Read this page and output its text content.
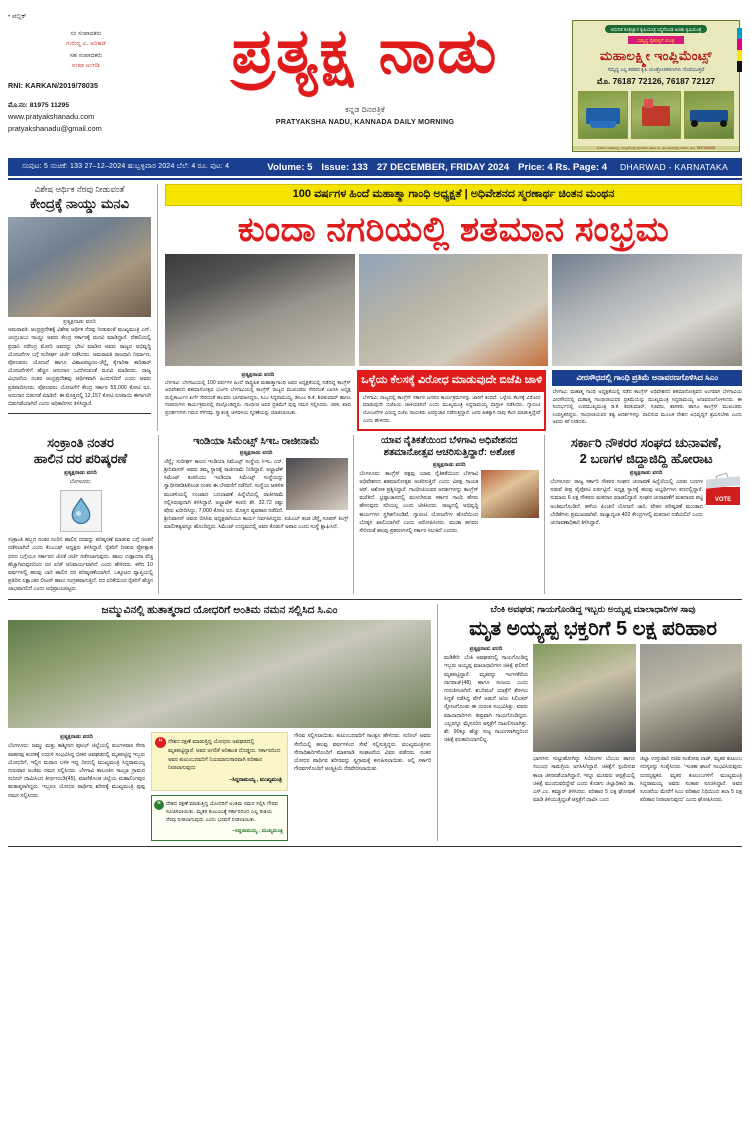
• ಪಬ್ಲಿಕ್
ಸಂ ಸಂಪಾದಕರು
ಗುರುನ್ನ ಎ. ಅರಿಹಡ
ಸಹ ಸಂಪಾದಕರು
ಉಷಾ ಅಂಗಡಿ
RNI: KARKAN/2019/78035
ಮೊ.ನಂ: 81975 11295
www.pratyakshanadu.com
pratyakshanadu@gmail.com
ಪ್ರತ್ಯಕ್ಷ ನಾಡು
ಕನ್ನಡ ದಿನಪತ್ರಿಕೆ
PRATYAKSHA NADU, KANNADA DAILY MORNING
ಆಧುನಿಕ ತಂತ್ರಜ್ಞಾನ ಕೃಷಿಯಂತ್ರ ಸಿದ್ಧಗೊಂಡ ಅಣಕು ಕೃಷಿಯಂತ್ರ
ಸಮೃದ್ಧ ರೈತರಲ್ಲಿಗೆ ಯಂತ್ರ
ಮಹಾಲಕ್ಷ್ಮೀ ಇಂಪ್ಲಿಮೆಂಟ್ಸ್
ಸಮೃದ್ಧ ಎಲ್ಲ ತರಹದ ಕೃಷಿ ಯಂತ್ರೋಪಕರಣಗಳು ದೊರೆಯುತ್ತವೆ
ಮೊ. 76187 72126, 76187 72127
ಸಂಪರ್ಕ: ಮಹಾಲಕ್ಷ್ಮೀ ಇಂಪ್ಲಿಮೆಂಟ್ಸ್ ಧಾರವಾಡ, ಹೊಸ ಸಂ. ಕೃಷಿ ಮಾರುಕಟ್ಟೆ ಎದುರು, ಮೊ: 7837636499
ಸಂಪುಟ: 5 ಸಂಚಿಕೆ: 133 27–12–2024 ಹುಬ್ಬಳ್ಳಿವಾರ 2024 ಬೆಲೆ: 4 ರೂ. ಪುಟ: 4	Volume: 5 Issue: 133 27 DECEMBER, FRIDAY 2024 Price: 4 Rs. Page: 4 DHARWAD - KARNATAKA
ವಿಶೇಷ ಆರ್ಥಿಕ ನೆರವು ನೀಡುವಂತೆ
ಕೇಂದ್ರಕ್ಕೆ ನಾಯ್ಡು ಮನವಿ
ಪ್ರತ್ಯಕ್ಷನಾಡು ವರದಿ
ಅಮರಾವತಿ: ಆಂಧ್ರಪ್ರದೇಶಕ್ಕೆ ವಿಶೇಷ ಆರ್ಥಿಕ ನೆರವು ನೀಡುವಂತೆ ಮುಖ್ಯಮಂತ್ರಿ ಎನ್. ಚಂದ್ರಬಾಬು ನಾಯ್ಡು ಅವರು ಕೇಂದ್ರ ಸರ್ಕಾರಕ್ಕೆ ಮನವಿ ಮಾಡಿದ್ದಾರೆ. ದೆಹಲಿಯಲ್ಲಿ ಪ್ರಧಾನಿ ನರೇಂದ್ರ ಮೋದಿ ಅವರನ್ನು ಭೇಟಿ ಮಾಡಿದ ಅವರು ರಾಜ್ಯದ ಅಭಿವೃದ್ಧಿ ಯೋಜನೆಗಳ ಬಗ್ಗೆ ಸುದೀರ್ಘ ಚರ್ಚೆ ನಡೆಸಿದರು. ಅಮರಾವತಿ ರಾಜಧಾನಿ ನಿರ್ಮಾಣ, ಪೋಲವರಂ ಯೋಜನೆ ಹಾಗೂ ವಿಶಾಖಪಟ್ಟಣಂ-ಚೆನ್ನೈ ಕೈಗಾರಿಕಾ ಕಾರಿಡಾರ್ ಯೋಜನೆಗಳಿಗೆ ಹೆಚ್ಚಿನ ಅನುದಾನ ಒದಗಿಸುವಂತೆ ಮನವಿ ಮಾಡಿದರು. ರಾಜ್ಯ ವಿಭಜನೆಯ ನಂತರ ಆಂಧ್ರಪ್ರದೇಶವು ಆರ್ಥಿಕವಾಗಿ ಹಿಂದುಳಿದಿದೆ ಎಂದು ಅವರು ಪ್ರತಿಪಾದಿಸಿದರು. ಪೋಲವರಂ ಯೋಜನೆಗೆ ಕೇಂದ್ರ ಸರ್ಕಾರ 55,000 ಕೋಟಿ ರೂ. ಅನುದಾನ ಬಿಡುಗಡೆ ಮಾಡಿದೆ. ಈ ಮೊತ್ತದಲ್ಲಿ 12,157 ಕೋಟಿ ರೂಪಾಯಿ ಈಗಾಗಲೇ ಬಿಡುಗಡೆಯಾಗಿದೆ ಎಂದು ಅಧಿಕಾರಿಗಳು ತಿಳಿಸಿದ್ದಾರೆ.
100 ವರ್ಷಗಳ ಹಿಂದೆ ಮಹಾತ್ಮಾ ಗಾಂಧಿ ಅಧ್ಯಕ್ಷತೆ | ಅಧಿವೇಶನದ ಸ್ಮರಣಾರ್ಥ ಚಿಂತನ ಮಂಥನ
ಕುಂದಾ ನಗರಿಯಲ್ಲಿ ಶತಮಾನ ಸಂಭ್ರಮ
ಪ್ರತ್ಯಕ್ಷನಾಡು ವರದಿ
ಬೆಳಗಾವಿ: ಬೆಳಗಾವಿಯಲ್ಲಿ 100 ವರ್ಷಗಳ ಹಿಂದೆ ರಾಷ್ಟ್ರಪಿತ ಮಹಾತ್ಮಾಗಾಂಧಿ ಅವರ ಅಧ್ಯಕ್ಷತೆಯಲ್ಲಿ ನಡೆದಿದ್ದ ಕಾಂಗ್ರೆಸ್ ಅಧಿವೇಶನದ ಶತಮಾನೋತ್ಸವ ಭರ್ಜರಿ ಬೆಳಗಾವಿಯಲ್ಲಿ ಕಾಂಗ್ರೆಸ್ ರಾಜ್ಯದ ಮುಖಂಡರು ಸೇರಿದಂತೆ ಎಐಸಿಸಿ ಅಧ್ಯಕ್ಷ ಮಲ್ಲಿಕಾರ್ಜುನ ಖರ್ಗೆ ಸೇರಿದಂತೆ ಹಲವರು ಭಾಗವಹಿಸಿದ್ದರು. ಸಿಎಂ ಸಿದ್ದರಾಮಯ್ಯ, ಡಿಸಿಎಂ ಡಿ.ಕೆ. ಶಿವಕುಮಾರ್ ಹಾಗೂ ಸಚಿವರುಗಳು ಕಾರ್ಯಕ್ರಮದಲ್ಲಿ ಪಾಲ್ಗೊಂಡಿದ್ದರು. ಗಾಂಧೀಜಿ ಅವರ ಪ್ರತಿಮೆಗೆ ಪುಷ್ಪ ನಮನ ಸಲ್ಲಿಸಿದರು. ಚರಕ, ಖಾದಿ ಪ್ರದರ್ಶನಗಳು ಗಮನ ಸೆಳೆದವು. ಸ್ವಾತಂತ್ರ್ಯ ಚಳವಳಿಯ ಸ್ಮರಣೆಯನ್ನು ಮಾಡಲಾಯಿತು.
ಒಳ್ಳೆಯ ಕೆಲಸಕ್ಕೆ ವಿರೋಧ ಮಾಡುವುದೇ ಬಿಜೆಪಿ ಚಾಳಿ
ಬೆಳಗಾವಿ: ರಾಜ್ಯದಲ್ಲಿ ಕಾಂಗ್ರೆಸ್ ಸರ್ಕಾರ ಜನಪರ ಕಾರ್ಯಕ್ರಮಗಳನ್ನು ಜಾರಿಗೆ ತಂದಿದೆ. ಒಳ್ಳೆಯ ಕೆಲಸಕ್ಕೆ ವಿರೋಧ ಮಾಡುವುದೇ ಬಿಜೆಪಿಯ ಚಾಳಿಯಾಗಿದೆ ಎಂದು ಮುಖ್ಯಮಂತ್ರಿ ಸಿದ್ದರಾಮಯ್ಯ ವಾಗ್ದಾಳಿ ನಡೆಸಿದರು. ಗ್ಯಾರಂಟಿ ಯೋಜನೆಗಳ ವಿರುದ್ಧ ಬಿಜೆಪಿ ನಾಯಕರು ಅಪಪ್ರಚಾರ ನಡೆಸುತ್ತಿದ್ದಾರೆ. ಜನರ ಹಿತಕ್ಕಾಗಿ ನಾವು ಕೆಲಸ ಮಾಡುತ್ತಿದ್ದೇವೆ ಎಂದು ಹೇಳಿದರು.
ವೀರಸೌಧದಲ್ಲಿ ಗಾಂಧಿ ಪ್ರತಿಮೆ ಅನಾವರಣಗೊಳಿಸಿದ ಸಿಎಂ
ಬೆಳಗಾವಿ: ಮಹಾತ್ಮ ಗಾಂಧಿ ಅಧ್ಯಕ್ಷತೆಯಲ್ಲಿ ನಡೆದ ಕಾಂಗ್ರೆಸ್ ಅಧಿವೇಶನದ ಶತಮಾನೋತ್ಸವದ ಅಂಗವಾಗಿ ಬೆಳಗಾವಿಯ ವೀರಸೌಧದಲ್ಲಿ ಮಹಾತ್ಮ ಗಾಂಧೀಜಿಯವರ ಪ್ರತಿಮೆಯನ್ನು ಮುಖ್ಯಮಂತ್ರಿ ಸಿದ್ದರಾಮಯ್ಯ ಅನಾವರಣಗೊಳಿಸಿದರು. ಈ ಸಂದರ್ಭದಲ್ಲಿ ಉಪಮುಖ್ಯಮಂತ್ರಿ ಡಿ.ಕೆ. ಶಿವಕುಮಾರ್, ಸಚಿವರು, ಶಾಸಕರು ಹಾಗೂ ಕಾಂಗ್ರೆಸ್ ಮುಖಂಡರು ಉಪಸ್ಥಿತರಿದ್ದರು. ಗಾಂಧೀಜಿಯವರ ತತ್ವ ಆದರ್ಶಗಳನ್ನು ಪಾಲಿಸುವ ಮೂಲಕ ದೇಶದ ಅಭಿವೃದ್ಧಿಗೆ ಶ್ರಮಿಸಬೇಕು ಎಂದು ಅವರು ಕರೆ ನೀಡಿದರು.
ಸಂಕ್ರಾಂತಿ ನಂತರ
ಹಾಲಿನ ದರ ಪರಿಷ್ಕರಣೆ
ಪ್ರತ್ಯಕ್ಷನಾಡು ವರದಿ
ಬೆಂಗಳೂರು:
ಸಂಕ್ರಾಂತಿ ಹಬ್ಬದ ನಂತರ ನಂದಿನಿ ಹಾಲಿನ ದರವನ್ನು ಪರಿಷ್ಕರಣೆ ಮಾಡುವ ಬಗ್ಗೆ ಚಿಂತನೆ ನಡೆಸಲಾಗಿದೆ ಎಂದು ಕೆಎಂಎಫ್ ಅಧ್ಯಕ್ಷರು ತಿಳಿಸಿದ್ದಾರೆ. ರೈತರಿಗೆ ನೀಡುವ ಪ್ರೋತ್ಸಾಹ ಧನದ ಬಗ್ಗೆಯೂ ಸರ್ಕಾರದ ಜೊತೆ ಚರ್ಚೆ ನಡೆಸಲಾಗುವುದು. ಹಾಲು ಉತ್ಪಾದನಾ ವೆಚ್ಚ ಹೆಚ್ಚಾಗಿರುವುದರಿಂದ ದರ ಏರಿಕೆ ಅನಿವಾರ್ಯವಾಗಿದೆ ಎಂದು ಹೇಳಿದರು. ಕಳೆದ 10 ವರ್ಷಗಳಲ್ಲಿ ಹಲವು ಬಾರಿ ಹಾಲಿನ ದರ ಪರಿಷ್ಕರಣೆಯಾಗಿದೆ. ಒಕ್ಕೂಟದ ವ್ಯಾಪ್ತಿಯಲ್ಲಿ ಪ್ರತಿದಿನ ಲಕ್ಷಾಂತರ ಲೀಟರ್ ಹಾಲು ಸಂಗ್ರಹವಾಗುತ್ತಿದೆ. ದರ ಏರಿಕೆಯಿಂದ ರೈತರಿಗೆ ಹೆಚ್ಚಿನ ಲಾಭವಾಗಲಿದೆ ಎಂದು ಅಭಿಪ್ರಾಯಪಟ್ಟರು.
ಇಂಡಿಯಾ ಸಿಮೆಂಟ್ಸ್ ಸಿಇಒ ರಾಜೀನಾಮೆ
ಪ್ರತ್ಯಕ್ಷನಾಡು ವರದಿ
ಚೆನ್ನೈ: ಸುದೀರ್ಘ ಕಾಲದ ಇಂಡಿಯಾ ಸಿಮೆಂಟ್ಸ್ ಸಂಸ್ಥೆಯ ಸಿಇಒ ಎನ್. ಶ್ರೀನಿವಾಸನ್ ಅವರು ತಮ್ಮ ಸ್ಥಾನಕ್ಕೆ ರಾಜೀನಾಮೆ ನೀಡಿದ್ದಾರೆ. ಅಲ್ಟ್ರಾಟೆಕ್ ಸಿಮೆಂಟ್ ಕಂಪನಿಯು ಇಂಡಿಯಾ ಸಿಮೆಂಟ್ಸ್ ಸಂಸ್ಥೆಯನ್ನು ಸ್ವಾಧೀನಪಡಿಸಿಕೊಂಡ ನಂತರ ಈ ಬೆಳವಣಿಗೆ ನಡೆದಿದೆ. ಸಂಸ್ಥೆಯ ಆಡಳಿತ ಮಂಡಳಿಯಲ್ಲಿ ಉಂಟಾದ ಬದಲಾವಣೆ ಹಿನ್ನೆಲೆಯಲ್ಲಿ ರಾಜೀನಾಮೆ ಸಲ್ಲಿಸಿರುವುದಾಗಿ ತಿಳಿಸಿದ್ದಾರೆ. ಅಲ್ಟ್ರಾಟೆಕ್ ಕಂಪನಿ ಶೇ. 32.72 ರಷ್ಟು ಷೇರು ಖರೀದಿಸಿದ್ದು, 7,000 ಕೋಟಿ ರೂ. ಮೊತ್ತದ ವ್ಯವಹಾರ ನಡೆದಿದೆ. ಶ್ರೀನಿವಾಸನ್ ಅವರು ಬಿಸಿಸಿಐ ಅಧ್ಯಕ್ಷರಾಗಿಯೂ ಕಾರ್ಯ ನಿರ್ವಹಿಸಿದ್ದರು. ಐಪಿಎಲ್ ತಂಡ ಚೆನ್ನೈ ಸೂಪರ್ ಕಿಂಗ್ಸ್ ಮಾಲೀಕತ್ವವನ್ನೂ ಹೊಂದಿದ್ದರು. ಸಿಮೆಂಟ್ ಉದ್ಯಮದಲ್ಲಿ ಅವರ ಕೊಡುಗೆ ಅಪಾರ ಎಂದು ಸಂಸ್ಥೆ ಶ್ಲಾಘಿಸಿದೆ.
ಯಾವ ನೈತಿಕತೆಯಿಂದ ಬೆಳಗಾವಿ ಅಧಿವೇಶನದ
ಶತಮಾನೋತ್ಸವ ಆಚರಿಸುತ್ತಿದ್ದಾರೆ: ಅಶೋಕ
ಪ್ರತ್ಯಕ್ಷನಾಡು ವರದಿ
ಬೆಂಗಳೂರು: ಕಾಂಗ್ರೆಸ್ ಪಕ್ಷವು ಯಾವ ನೈತಿಕತೆಯಿಂದ ಬೆಳಗಾವಿ ಅಧಿವೇಶನದ ಶತಮಾನೋತ್ಸವ ಆಚರಿಸುತ್ತಿದೆ ಎಂದು ವಿಪಕ್ಷ ನಾಯಕ ಆರ್. ಅಶೋಕ ಪ್ರಶ್ನಿಸಿದ್ದಾರೆ. ಗಾಂಧೀಜಿಯವರ ಆದರ್ಶಗಳನ್ನು ಕಾಂಗ್ರೆಸ್ ಮರೆತಿದೆ. ಭ್ರಷ್ಟಾಚಾರದಲ್ಲಿ ಮುಳುಗಿರುವ ಸರ್ಕಾರ ಗಾಂಧಿ ಹೆಸರು ಹೇಳುವುದು ಸರಿಯಲ್ಲ ಎಂದು ಟೀಕಿಸಿದರು. ರಾಜ್ಯದಲ್ಲಿ ಅಭಿವೃದ್ಧಿ ಕಾರ್ಯಗಳು ಸ್ಥಗಿತಗೊಂಡಿವೆ. ಗ್ಯಾರಂಟಿ ಯೋಜನೆಗಳ ಹೊರೆಯಿಂದ ಬೊಕ್ಕಸ ಖಾಲಿಯಾಗಿದೆ ಎಂದು ಆರೋಪಿಸಿದರು. ಮುಡಾ ಹಗರಣ ಸೇರಿದಂತೆ ಹಲವು ಪ್ರಕರಣಗಳಲ್ಲಿ ಸರ್ಕಾರ ಸಿಲುಕಿದೆ ಎಂದರು.
ಸರ್ಕಾರಿ ನೌಕರರ ಸಂಘದ ಚುನಾವಣೆ,
2 ಬಣಗಳ ಜಿದ್ದಾಜಿದ್ದಿ ಹೋರಾಟ
ಪ್ರತ್ಯಕ್ಷನಾಡು ವರದಿ
VOTE
ಬೆಂಗಳೂರು: ರಾಜ್ಯ ಸರ್ಕಾರಿ ನೌಕರರ ಸಂಘದ ಚುನಾವಣೆ ಹಿನ್ನೆಲೆಯಲ್ಲಿ ಎರಡು ಬಣಗಳ ನಡುವೆ ತೀವ್ರ ಪೈಪೋಟಿ ಏರ್ಪಟ್ಟಿದೆ. ಅಧ್ಯಕ್ಷ ಸ್ಥಾನಕ್ಕೆ ಹಲವು ಅಭ್ಯರ್ಥಿಗಳು ಕಣದಲ್ಲಿದ್ದಾರೆ. ಸುಮಾರು 6 ಲಕ್ಷ ನೌಕರರು ಮತದಾನ ಮಾಡಲಿದ್ದಾರೆ. ಸಂಘದ ಚುನಾವಣೆಗೆ ಮತದಾರರ ಪಟ್ಟಿ ಅಂತಿಮಗೊಂಡಿದೆ. ಹಳೆಯ ಪಿಂಚಣಿ ಯೋಜನೆ ಜಾರಿ, ವೇತನ ಪರಿಷ್ಕರಣೆ ಮುಂತಾದ ಬೇಡಿಕೆಗಳು ಪ್ರಮುಖವಾಗಿವೆ. ರಾಜ್ಯಾದ್ಯಂತ 402 ಕೇಂದ್ರಗಳಲ್ಲಿ ಮತದಾನ ನಡೆಯಲಿದೆ ಎಂದು ಚುನಾವಣಾಧಿಕಾರಿ ತಿಳಿಸಿದ್ದಾರೆ.
ಜಮ್ಮುವಿನಲ್ಲಿ ಹುತಾತ್ಮರಾದ ಯೋಧರಿಗೆ ಅಂತಿಮ ನಮನ ಸಲ್ಲಿಸಿದ ಸಿ.ಎಂ
ಪ್ರತ್ಯಕ್ಷನಾಡು ವರದಿ
ಬೆಂಗಳೂರು: ಜಮ್ಮು ಮತ್ತು ಕಾಶ್ಮೀರದ ಪೂಂಛ್ ಜಿಲ್ಲೆಯಲ್ಲಿ ಮಂಗಳವಾರ ಸೇನಾ ವಾಹನವು ಕಂದಕಕ್ಕೆ ಉರುಳಿ ಸಂಭವಿಸಿದ್ದ ಭೀಕರ ಅವಘಡದಲ್ಲಿ ಮೃತಪಟ್ಟಿದ್ದ ಇಬ್ಬರು ಯೋಧರಿಗೆ, ಇಲ್ಲಿನ ಮರಾಣ ಬಳಿಕ ಇದ್ದ ದಿನದಲ್ಲಿ ಮುಖ್ಯಮಂತ್ರಿ ಸಿದ್ದರಾಮಯ್ಯ ಗುರುವಾರ ಅಂತಿಮ ನಮನ ಸಲ್ಲಿಸಿದರು. ಬೆಳಗಾವಿ ತಾಲೂಕಿನ ಸಾಂಬ್ರಾ ಗ್ರಾಮದ ಸುನೀಲ್ ದಾಮಿಸಿಂದ ತೀರ್ಥಗುಂಡಿ(45), ಮಾಣಿಕೊಂಡ ಜಿಲ್ಲೆಯ ಮಹಾಲಿಂಗಪುರ ಹುತಾತ್ಮರಾಗಿದ್ದರು. ಇಬ್ಬರೂ ಯೋಧರ ಪಾರ್ಥಿವ ಶರೀರಕ್ಕೆ ಮುಖ್ಯಮಂತ್ರಿ ಪುಷ್ಪ ನಮನ ಸಲ್ಲಿಸಿದರು.
“ ದೇಶದ ರಕ್ಷಣೆ ಮಾಡುತ್ತಿದ್ದ ಯೋಧರು ಅವಘಡದಲ್ಲಿ ಮೃತಪಟ್ಟಿದ್ದಾರೆ. ಅವರ ಅಗಲಿಕೆ ಅರಿಕಾಂತ ದೊಡ್ಡದು. ಸರ್ಕಾರದಿಂದ ಅವರ ಕುಟುಂಬದವರಿಗೆ ನಿಯಮಾನುಸಾರವಾಗಿ ಪರಿಹಾರ ನೀಡಲಾಗುವುದು
–ಸಿದ್ದರಾಮಯ್ಯ , ಮುಖ್ಯಮಂತ್ರಿ
“ ದೇಶದ ರಕ್ಷಣೆ ಮಾಡುತ್ತಿದ್ದ ಯೋಧರಿಗೆ ಅಂತಿಮ ನಮನ ಸಲ್ಲಿಸಿ ಗೌರವ ಸೂಚಿಸಲಾಯಿತು. ಮೃತರ ಕುಟುಂಬಕ್ಕೆ ಸರ್ಕಾರದಿಂದ ಎಲ್ಲ ರೀತಿಯ ನೆರವು ನೀಡಲಾಗುವುದು ಎಂದು ಭರವಸೆ ನೀಡಲಾಯಿತು.
–ಸಿದ್ದರಾಮಯ್ಯ , ಮುಖ್ಯಮಂತ್ರಿ
ಗೌರವ ಸಲ್ಲಿಸಲಾಯಿತು. ಕುಟುಂಬದವರಿಗೆ ಸಾಂತ್ವನ ಹೇಳಿದರು. ಸುನೀಲ್ ಅವರು ಸೇನೆಯಲ್ಲಿ ಹಲವು ವರ್ಷಗಳಿಂದ ಸೇವೆ ಸಲ್ಲಿಸುತ್ತಿದ್ದರು. ಮುಖ್ಯಮಂತ್ರಿಗಳು ಸೇನಾಧಿಕಾರಿಗಳೊಂದಿಗೆ ಮಾತನಾಡಿ ಸಂಘಟನೆಯ ವಿವರ ಪಡೆದರು. ನಂತರ ಯೋಧರ ಪಾರ್ಥಿವ ಶರೀರವನ್ನು ಸ್ವಗ್ರಾಮಕ್ಕೆ ಕಳುಹಿಸಲಾಯಿತು. ಅಲ್ಲಿ ಸರ್ಕಾರಿ ಗೌರವಗಳೊಂದಿಗೆ ಅಂತ್ಯಕ್ರಿಯೆ ನೆರವೇರಿಸಲಾಯಿತು.
ಬೆಂಕಿ ಅವಘಡ; ಗಾಯಗೊಂಡಿದ್ದ ಇಬ್ಬರು ಅಯ್ಯಪ್ಪ ಮಾಲಾಧಾರಿಗಳ ಸಾವು
ಮೃತ ಅಯ್ಯಪ್ಪ ಭಕ್ತರಿಗೆ 5 ಲಕ್ಷ ಪರಿಹಾರ
ಪ್ರತ್ಯಕ್ಷನಾಡು ವರದಿ
ಮಡಿಕೇರಿ: ಬೆಂಕಿ ಅವಘಡದಲ್ಲಿ ಗಾಯಗೊಂಡಿದ್ದ ಇಬ್ಬರು ಅಯ್ಯಪ್ಪ ಮಾಲಾಧಾರಿಗಳು ಚಿಕಿತ್ಸೆ ಫಲಿಸದೆ ಮೃತಪಟ್ಟಿದ್ದಾರೆ. ಮೃತರನ್ನು ಇಂಗಳಕೆರೆಯ ನಾಗರಾಜ್(48) ಹಾಗೂ ಸಂಜಯ ಎಂದು ಗುರುತಿಸಲಾಗಿದೆ. ಶಬರಿಮಲೆ ಯಾತ್ರೆಗೆ ತೆರಳಲು ಸಿದ್ಧತೆ ನಡೆಸಿದ್ದ ವೇಳೆ ಅಡುಗೆ ಅನಿಲ ಸಿಲಿಂಡರ್ ಸ್ಫೋಟಗೊಂಡು ಈ ದುರಂತ ಸಂಭವಿಸಿತ್ತು. ಐವರು ಮಾಲಾಧಾರಿಗಳು ತೀವ್ರವಾಗಿ ಗಾಯಗೊಂಡಿದ್ದರು. ಎಲ್ಲರನ್ನೂ ಮೈಸೂರಿನ ಆಸ್ಪತ್ರೆಗೆ ದಾಖಲಿಸಲಾಗಿತ್ತು. ಶೇ. 90ಕ್ಕೂ ಹೆಚ್ಚು ಸುಟ್ಟ ಗಾಯಗಳಾಗಿದ್ದರಿಂದ ಚಿಕಿತ್ಸೆ ಫಲಕಾರಿಯಾಗಲಿಲ್ಲ.
ಭಾಗಗಳು ಸುಟ್ಟುಹೋಗಿದ್ದು ಸಿಬಿರಂಗಳ ಬೆಂಬಲ ಹಾಗೂ ಸಂಬಂಧ ಸಾಮಗ್ರಿಯ ಅಗಸಿಸಿಗಿದ್ದಾರೆ. ಚಿಕಿತ್ಸೆಗೆ ಸ್ಪಂದಿಸುವ ಕಾಲಾ ಜೀನಪಡೆಯಾಗಿದ್ದಾನೆ. ಇನ್ನೂ ಮೂವರು ಆಸ್ಪತ್ರೆಯಲ್ಲಿ ಚಿಕಿತ್ಸೆ ಮುಂದುವರಿದ್ದೇವೆ ಎಂದು ಕೊಡಗು ಜಿಲ್ಲಾಧಿಕಾರಿ ಡಾ. ಎಸ್.ಎಂ. ಕಮ್ಮಾರ್ ತಿಳಿಸಿದರು. ಪರಿಹಾರ 5 ಲಕ್ಷ ಘೋಷಣೆ ಮಾಡಿ ತಿಳಿಯುತ್ತಿದ್ದಂತೆ ಆಸ್ಪತ್ರೆಗೆ ಧಾವಿಸಿ ಬಂದ
ಜಿಲ್ಲಾ ಉಸ್ತುವಾರಿ ಸಚಿವ ಸಂತೋಷ ಲಾಡ್, ಮೃತರ ಕುಟುಂಬ ಸದಸ್ಯರನ್ನು ಸಂತೈಸಿದರು. 'ಇಂತಹ ಘಟನೆ ಸಂಭವಿಸಿರುವುದು ದುರದೃಷ್ಟಕರ. ಮೃತರ ಕುಟುಂಬಗಳಿಗೆ ಮುಖ್ಯಮಂತ್ರಿ ಸಿದ್ದರಾಮಯ್ಯ ಅವರು ಸಂತಾಪ ಸೂಚಿಸಿದ್ದಾರೆ. ಅವರ ಸೂಚನೆಯ ಮೇರೆಗೆ ಸಿಎಂ ಪರಿಹಾರ ನಿಧಿಯಿಂದ ತಲಾ 5 ಲಕ್ಷ ಪರಿಹಾರ ನೀಡಲಾಗುವುದು' ಎಂದು ಘೋಷಿಸಿದರು.
